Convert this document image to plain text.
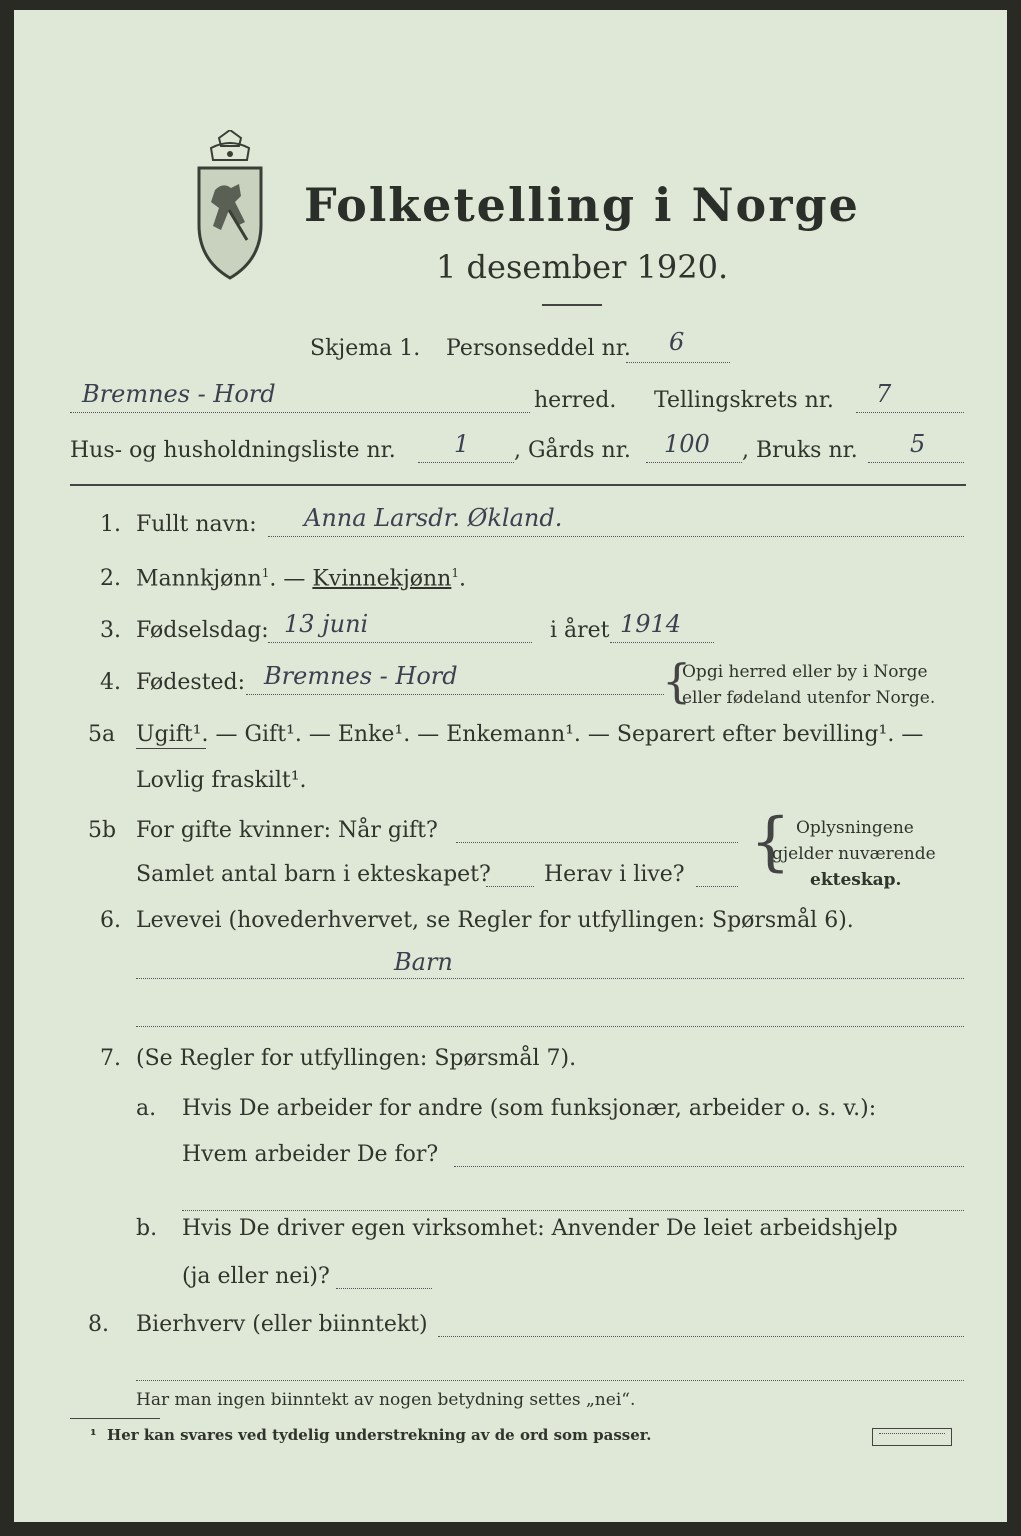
Folketelling i Norge
1 desember 1920.
Skjema 1. Personseddel nr. 6
Bremnes - Hord	herred. Tellingskrets nr. 7
Hus- og husholdningsliste nr. 1 , Gårds nr. 100 , Bruks nr. 5
1. Fullt navn: Anna Larsdr. Økland.
2. Mannkjønn$^1$. — Kvinnekjønn$^1$.
3. Fødselsdag: 13 juni	i året 1914
4. Fødested: Bremnes - Hord	{
Opgi herred eller by i Norge
eller fødeland utenfor Norge.
5a Ugift¹. — Gift¹. — Enke¹. — Enkemann¹. — Separert efter bevilling¹. —
Lovlig fraskilt¹.
5b For gifte kvinner: Når gift?
Samlet antal barn i ekteskapet? Herav i live? { Oplysningene
gjelder nuværende
ekteskap.
6. Levevei (hovederhvervet, se Regler for utfyllingen: Spørsmål 6).
Barn
7. (Se Regler for utfyllingen: Spørsmål 7).
a. Hvis De arbeider for andre (som funksjonær, arbeider o. s. v.):
Hvem arbeider De for?
b. Hvis De driver egen virksomhet: Anvender De leiet arbeidshjelp
(ja eller nei)?
8. Bierhverv (eller biinntekt)
Har man ingen biinntekt av nogen betydning settes „nei“.
¹ Her kan svares ved tydelig understrekning av de ord som passer.
